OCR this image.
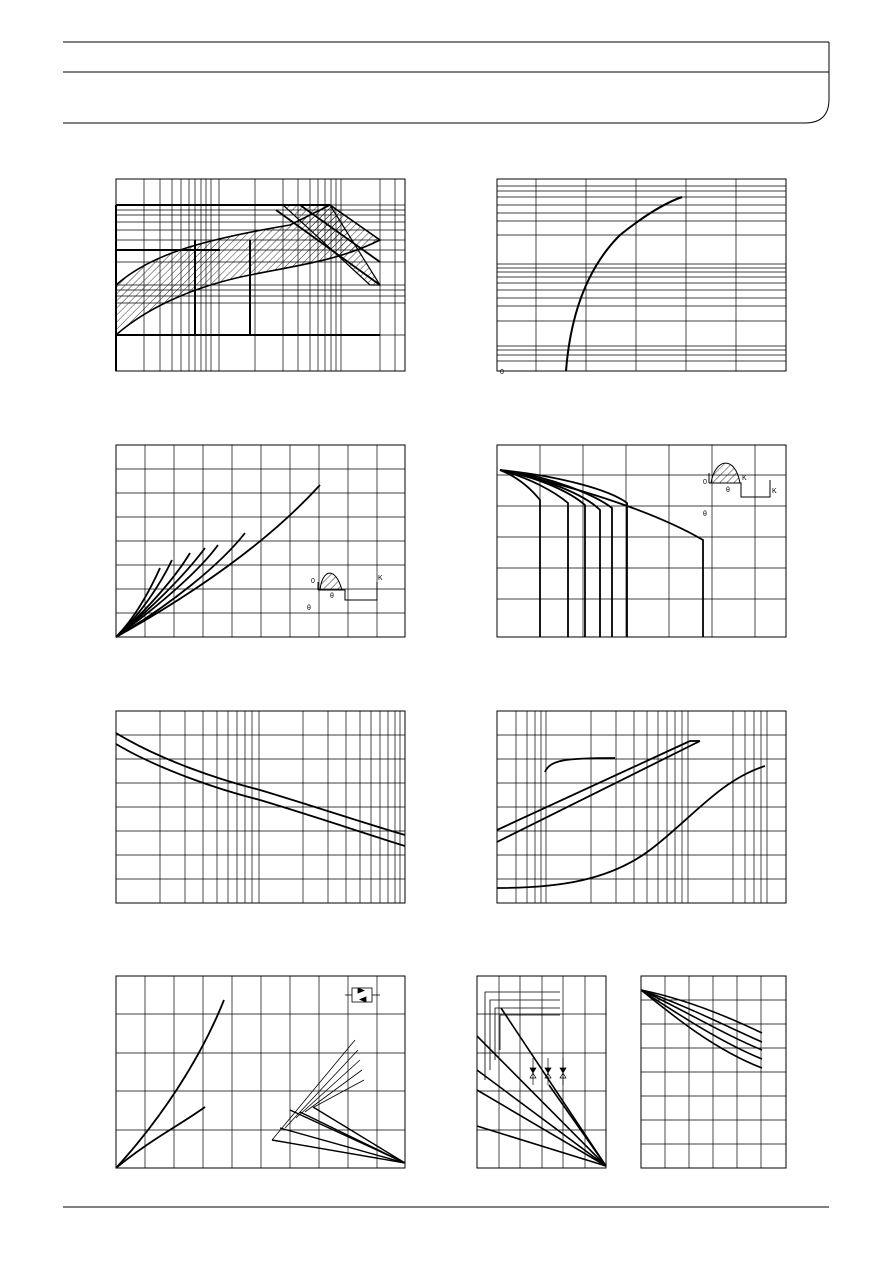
0
0
θ
K
θ
0
θ
K
K
θ
